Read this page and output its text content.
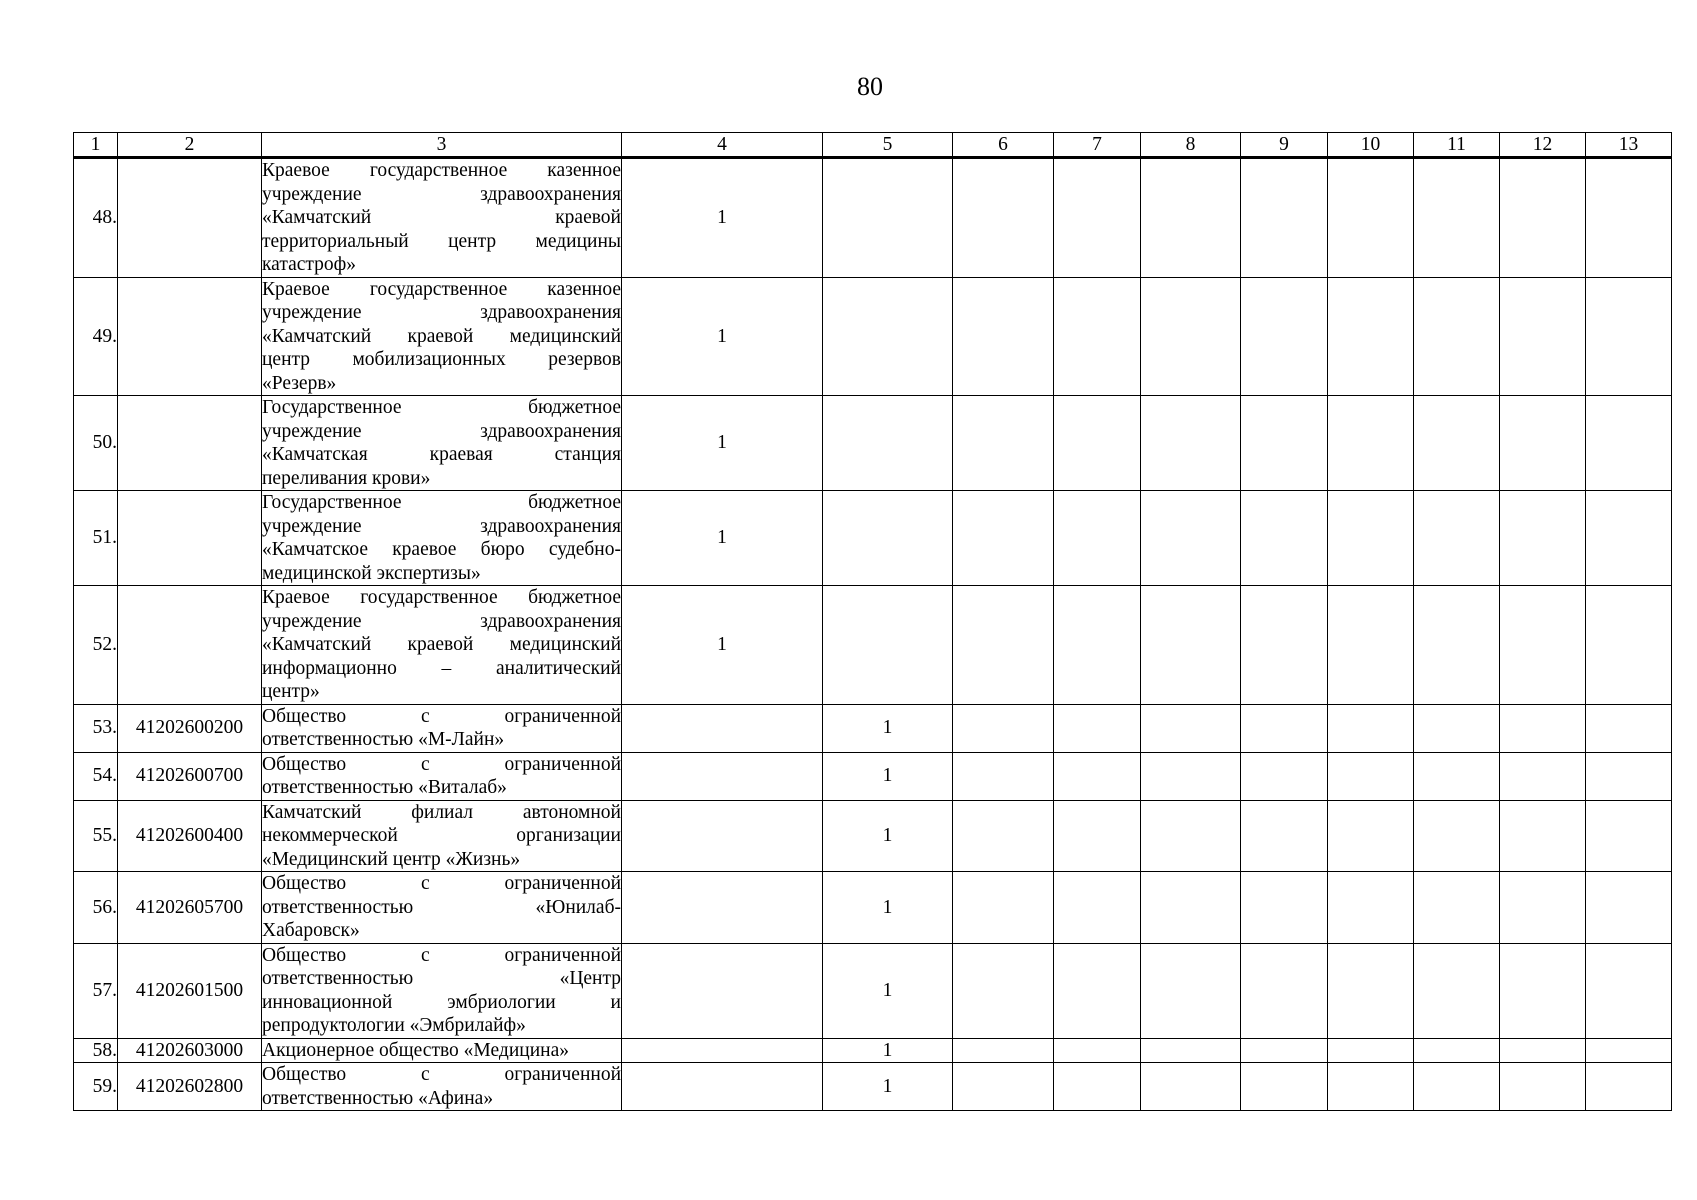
80
1	2	3	4	5	6	7	8	9	10	11	12	13
48.		Краевое государственное казенное
учреждение здравоохранения
«Камчатский краевой
территориальный центр медицины
катастроф»	1									
49.		Краевое государственное казенное
учреждение здравоохранения
«Камчатский краевой медицинский
центр мобилизационных резервов
«Резерв»	1									
50.		Государственное бюджетное
учреждение здравоохранения
«Камчатская краевая станция
переливания крови»	1									
51.		Государственное бюджетное
учреждение здравоохранения
«Камчатское краевое бюро судебно-
медицинской экспертизы»	1									
52.		Краевое государственное бюджетное
учреждение здравоохранения
«Камчатский краевой медицинский
информационно – аналитический
центр»	1									
53.	41202600200	Общество с ограниченной
ответственностью «М-Лайн»		1								
54.	41202600700	Общество с ограниченной
ответственностью «Виталаб»		1								
55.	41202600400	Камчатский филиал автономной
некоммерческой организации
«Медицинский центр «Жизнь»		1								
56.	41202605700	Общество с ограниченной
ответственностью «Юнилаб-
Хабаровск»		1								
57.	41202601500	Общество с ограниченной
ответственностью «Центр
инновационной эмбриологии и
репродуктологии «Эмбрилайф»		1								
58.	41202603000	Акционерное общество «Медицина»		1								
59.	41202602800	Общество с ограниченной
ответственностью «Афина»		1								
